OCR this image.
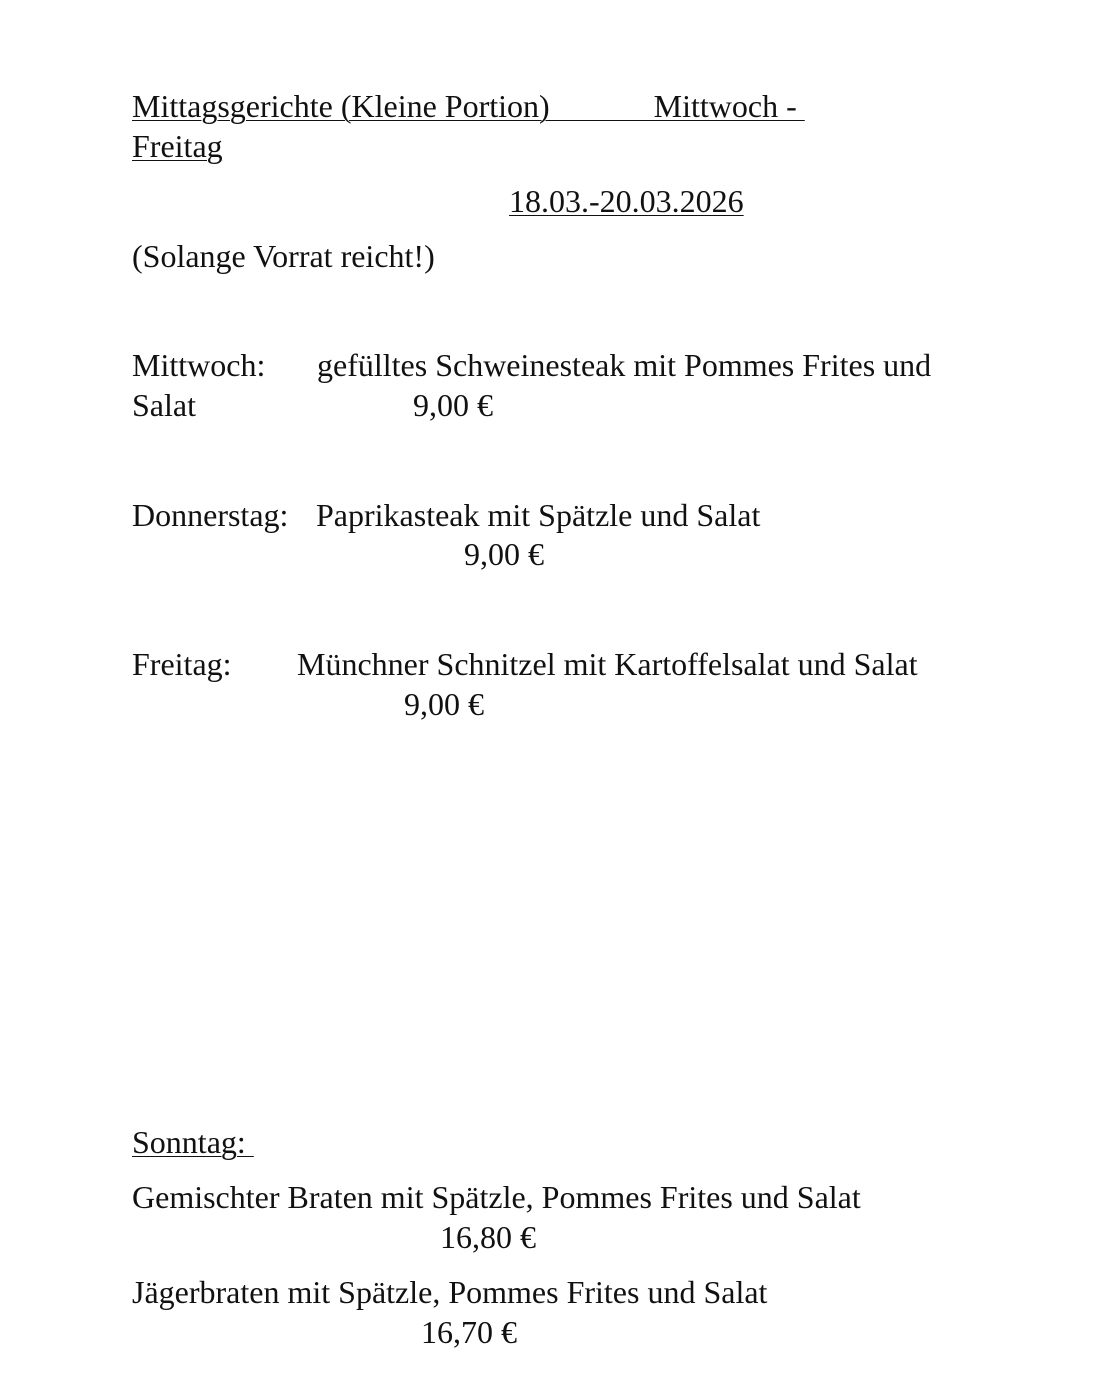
Mittagsgerichte (Kleine Portion)             Mittwoch -
Freitag
18.03.-20.03.2026
(Solange Vorrat reicht!)
Mittwoch: gefülltes Schweinesteak mit Pommes Frites und
Salat	9,00 €
Donnerstag: Paprikasteak mit Spätzle und Salat
9,00 €
Freitag: Münchner Schnitzel mit Kartoffelsalat und Salat
9,00 €
Sonntag:
Gemischter Braten mit Spätzle, Pommes Frites und Salat
16,80 €
Jägerbraten mit Spätzle, Pommes Frites und Salat
16,70 €
